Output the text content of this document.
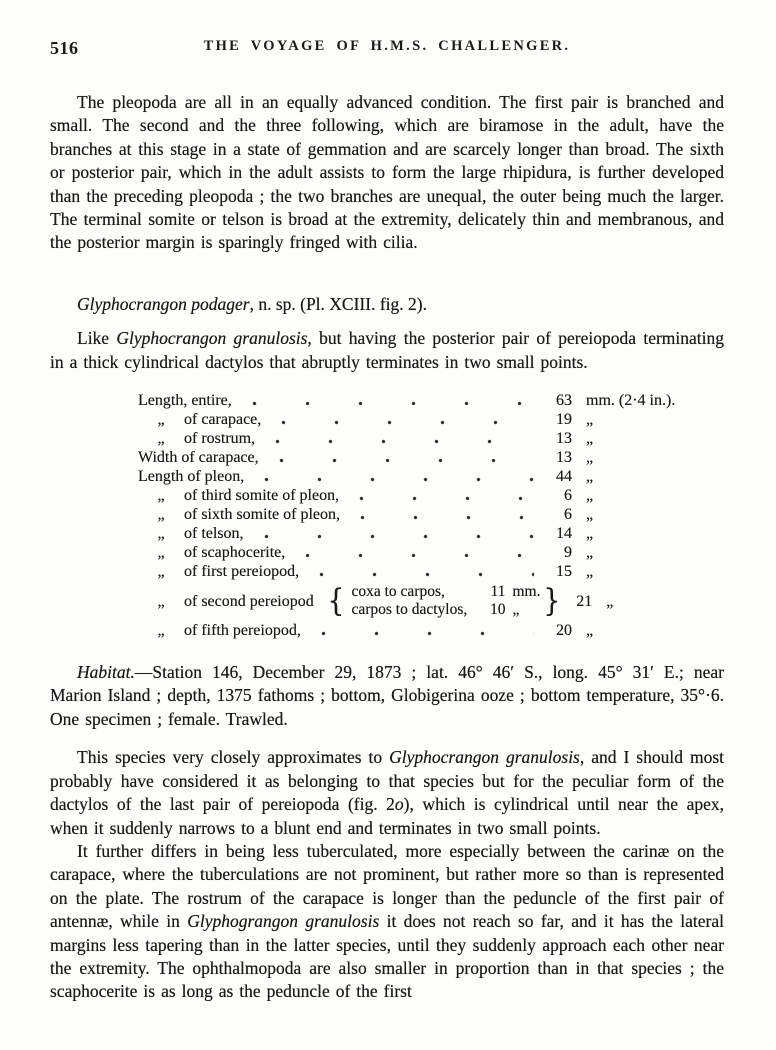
516	THE VOYAGE OF H.M.S. CHALLENGER.

The pleopoda are all in an equally advanced condition. The first pair is branched and small. The second and the three following, which are biramose in the adult, have the branches at this stage in a state of gemmation and are scarcely longer than broad. The sixth or posterior pair, which in the adult assists to form the large rhipidura, is further developed than the preceding pleopoda ; the two branches are unequal, the outer being much the larger. The terminal somite or telson is broad at the extremity, delicately thin and membranous, and the posterior margin is sparingly fringed with cilia.

Glyphocrangon podager, n. sp. (Pl. XCIII. fig. 2).

Like Glyphocrangon granulosis, but having the posterior pair of pereiopoda terminating in a thick cylindrical dactylos that abruptly terminates in two small points.

Length, entire,	63 mm. (2·4 in.).
„	of carapace,	19 „
„	of rostrum,	13 „
Width of carapace,	13 „
Length of pleon,	44 „
„	of third somite of pleon,	6 „
„	of sixth somite of pleon,	6 „
„	of telson,	14 „
„	of scaphocerite,	9 „
„	of first pereiopod,	15 „
„	of second pereiopod { coxa to carpos,	11 mm.
carpos to dactylos,	10 „ } 21 „
„	of fifth pereiopod,	20 „

Habitat.—Station 146, December 29, 1873 ; lat. 46° 46′ S., long. 45° 31′ E.; near Marion Island ; depth, 1375 fathoms ; bottom, Globigerina ooze ; bottom temperature, 35°·6. One specimen ; female. Trawled.

This species very closely approximates to Glyphocrangon granulosis, and I should most probably have considered it as belonging to that species but for the peculiar form of the dactylos of the last pair of pereiopoda (fig. 2o), which is cylindrical until near the apex, when it suddenly narrows to a blunt end and terminates in two small points.

It further differs in being less tuberculated, more especially between the carinæ on the carapace, where the tuberculations are not prominent, but rather more so than is represented on the plate. The rostrum of the carapace is longer than the peduncle of the first pair of antennæ, while in Glyphograngon granulosis it does not reach so far, and it has the lateral margins less tapering than in the latter species, until they suddenly approach each other near the extremity. The ophthalmopoda are also smaller in proportion than in that species ; the scaphocerite is as long as the peduncle of the first
